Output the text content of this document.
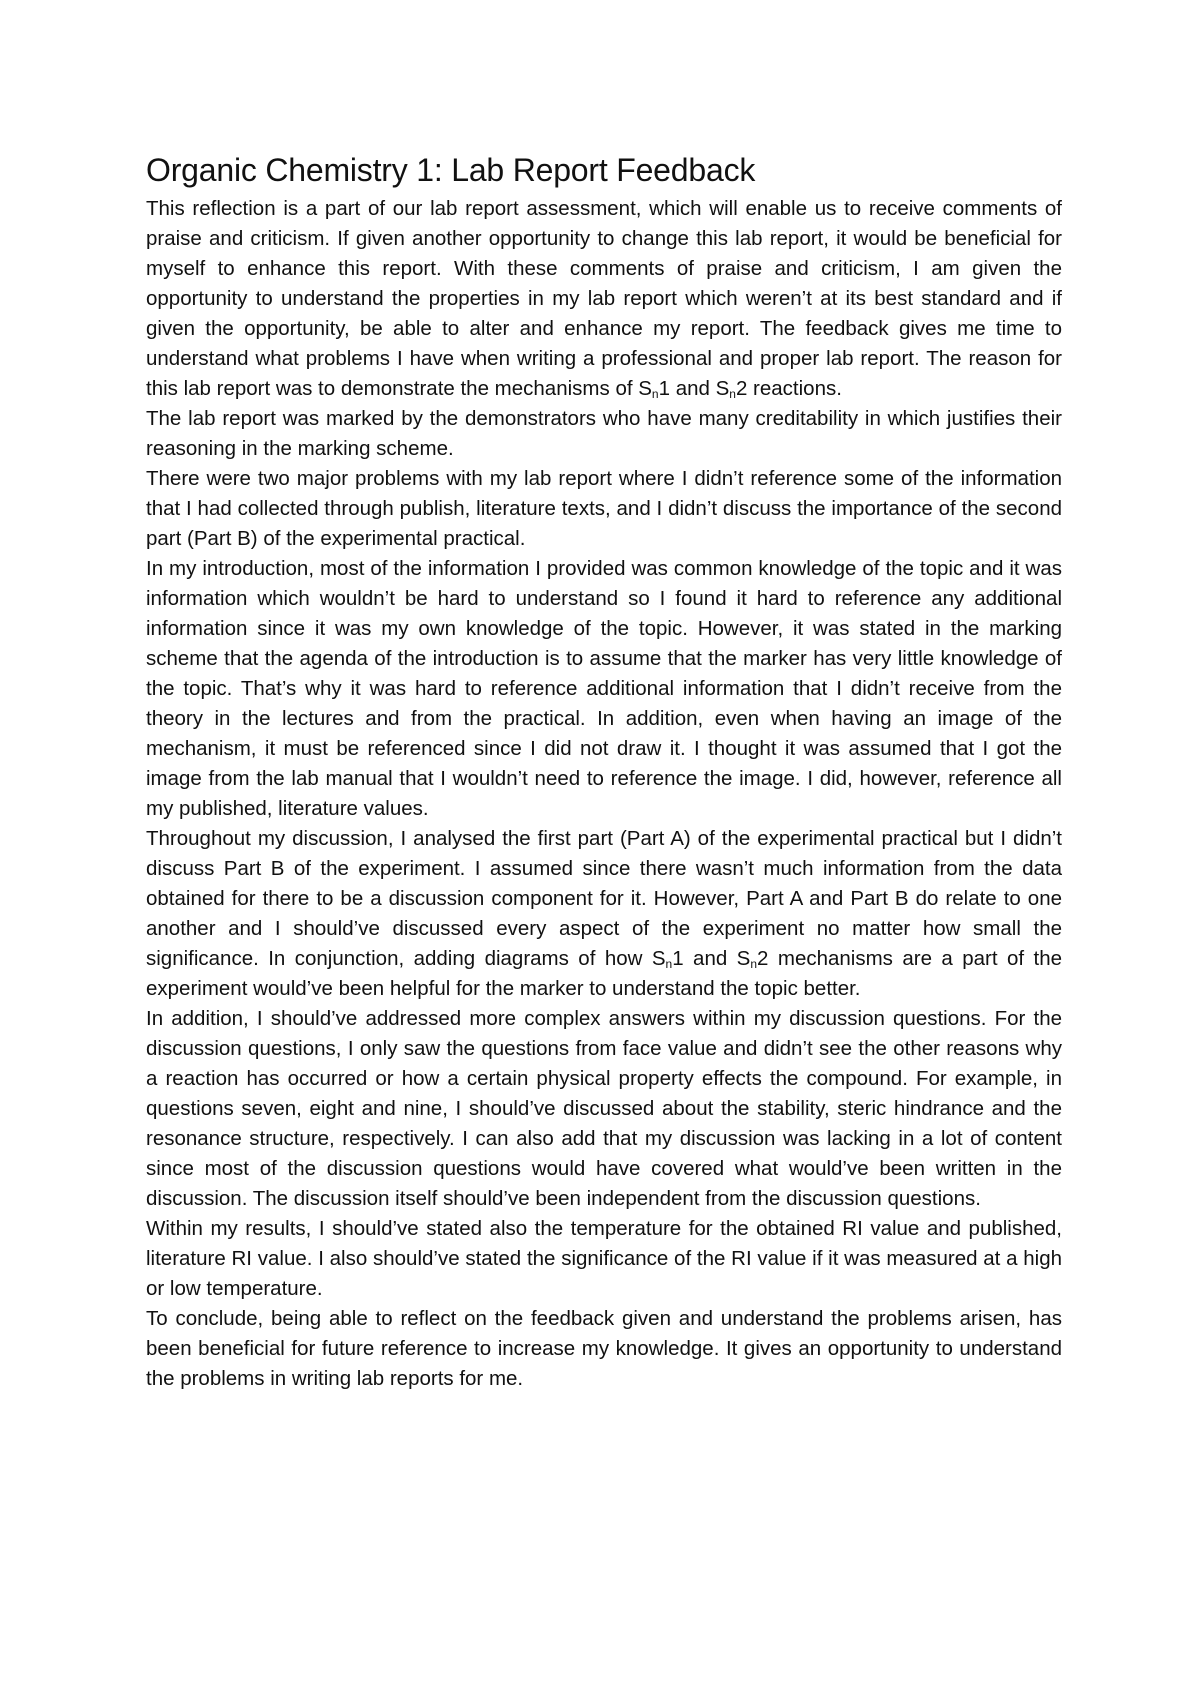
Organic Chemistry 1: Lab Report Feedback

This reflection is a part of our lab report assessment, which will enable us to receive comments of praise and criticism. If given another opportunity to change this lab report, it would be beneficial for myself to enhance this report. With these comments of praise and criticism, I am given the opportunity to understand the properties in my lab report which weren’t at its best standard and if given the opportunity, be able to alter and enhance my report. The feedback gives me time to understand what problems I have when writing a professional and proper lab report. The reason for this lab report was to demonstrate the mechanisms of $S_n1$ and $S_n2$ reactions.

The lab report was marked by the demonstrators who have many creditability in which justifies their reasoning in the marking scheme.

There were two major problems with my lab report where I didn’t reference some of the information that I had collected through publish, literature texts, and I didn’t discuss the importance of the second part (Part B) of the experimental practical.

In my introduction, most of the information I provided was common knowledge of the topic and it was information which wouldn’t be hard to understand so I found it hard to reference any additional information since it was my own knowledge of the topic. However, it was stated in the marking scheme that the agenda of the introduction is to assume that the marker has very little knowledge of the topic. That’s why it was hard to reference additional information that I didn’t receive from the theory in the lectures and from the practical. In addition, even when having an image of the mechanism, it must be referenced since I did not draw it. I thought it was assumed that I got the image from the lab manual that I wouldn’t need to reference the image. I did, however, reference all my published, literature values.

Throughout my discussion, I analysed the first part (Part A) of the experimental practical but I didn’t discuss Part B of the experiment. I assumed since there wasn’t much information from the data obtained for there to be a discussion component for it. However, Part A and Part B do relate to one another and I should’ve discussed every aspect of the experiment no matter how small the significance. In conjunction, adding diagrams of how $S_n1$ and $S_n2$ mechanisms are a part of the experiment would’ve been helpful for the marker to understand the topic better.

In addition, I should’ve addressed more complex answers within my discussion questions. For the discussion questions, I only saw the questions from face value and didn’t see the other reasons why a reaction has occurred or how a certain physical property effects the compound. For example, in questions seven, eight and nine, I should’ve discussed about the stability, steric hindrance and the resonance structure, respectively. I can also add that my discussion was lacking in a lot of content since most of the discussion questions would have covered what would’ve been written in the discussion. The discussion itself should’ve been independent from the discussion questions.

Within my results, I should’ve stated also the temperature for the obtained RI value and published, literature RI value. I also should’ve stated the significance of the RI value if it was measured at a high or low temperature.

To conclude, being able to reflect on the feedback given and understand the problems arisen, has been beneficial for future reference to increase my knowledge. It gives an opportunity to understand the problems in writing lab reports for me.
